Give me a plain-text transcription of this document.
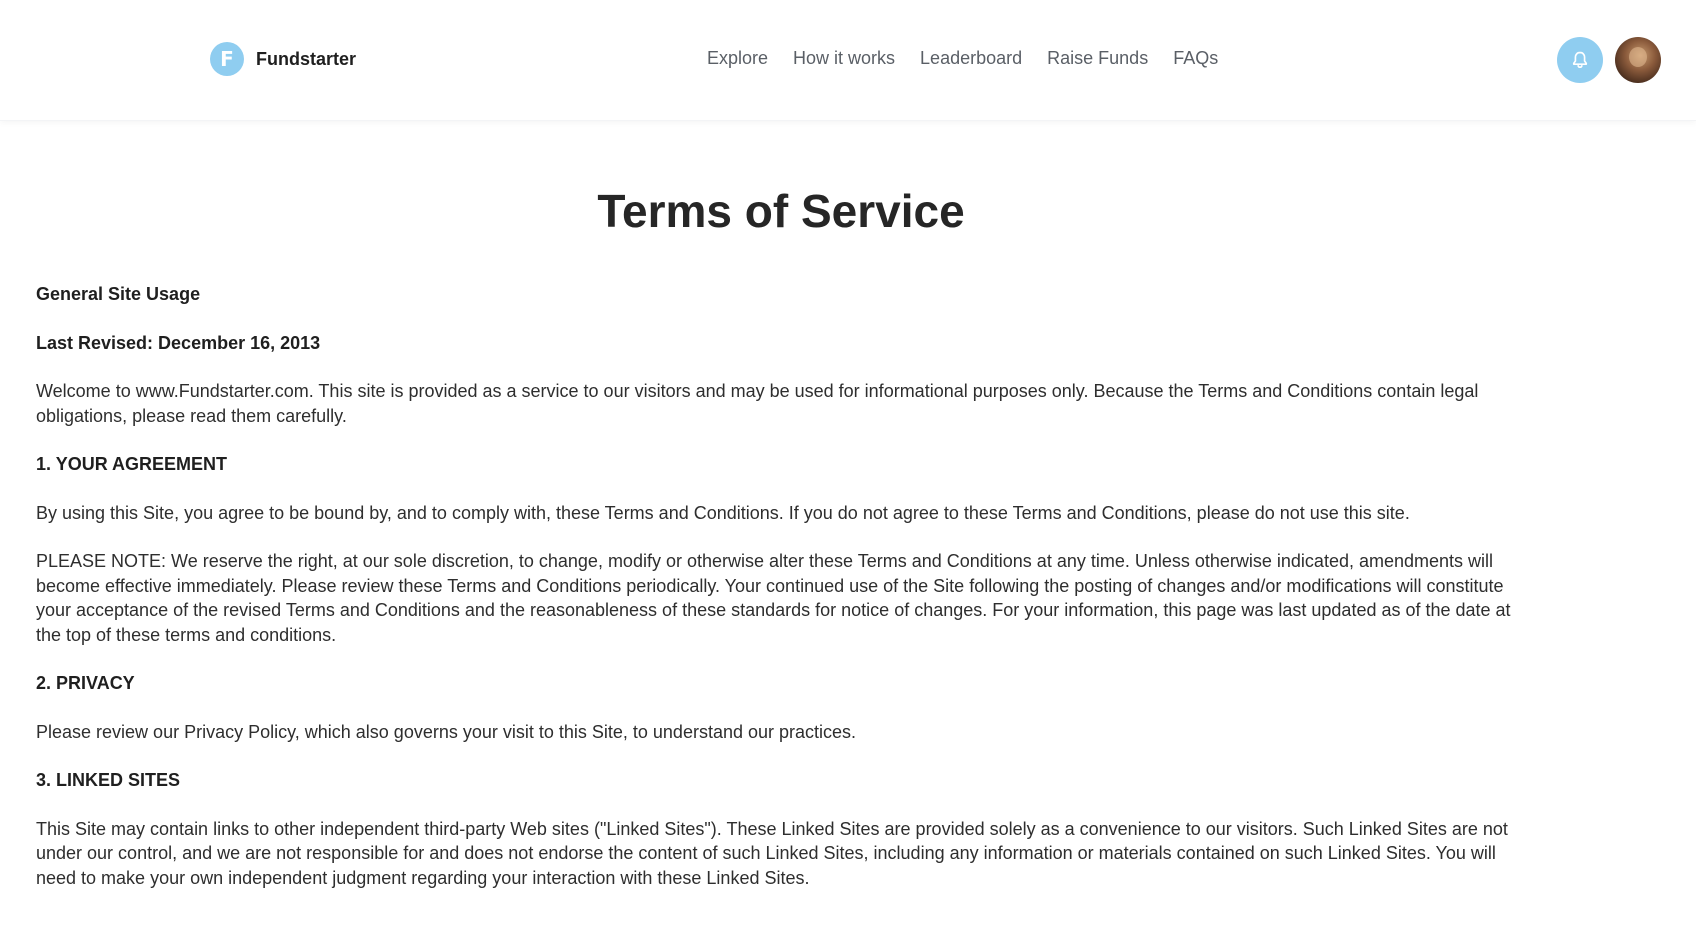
F	Fundstarter	Explore How it works Leaderboard Raise Funds FAQs
Terms of Service

General Site Usage

Last Revised: December 16, 2013

Welcome to www.Fundstarter.com. This site is provided as a service to our visitors and may be used for informational purposes only. Because the Terms and Conditions contain legal obligations, please read them carefully.

1. YOUR AGREEMENT

By using this Site, you agree to be bound by, and to comply with, these Terms and Conditions. If you do not agree to these Terms and Conditions, please do not use this site.

PLEASE NOTE: We reserve the right, at our sole discretion, to change, modify or otherwise alter these Terms and Conditions at any time. Unless otherwise indicated, amendments will become effective immediately. Please review these Terms and Conditions periodically. Your continued use of the Site following the posting of changes and/or modifications will constitute your acceptance of the revised Terms and Conditions and the reasonableness of these standards for notice of changes. For your information, this page was last updated as of the date at the top of these terms and conditions.

2. PRIVACY

Please review our Privacy Policy, which also governs your visit to this Site, to understand our practices.

3. LINKED SITES

This Site may contain links to other independent third-party Web sites ("Linked Sites"). These Linked Sites are provided solely as a convenience to our visitors. Such Linked Sites are not under our control, and we are not responsible for and does not endorse the content of such Linked Sites, including any information or materials contained on such Linked Sites. You will need to make your own independent judgment regarding your interaction with these Linked Sites.
